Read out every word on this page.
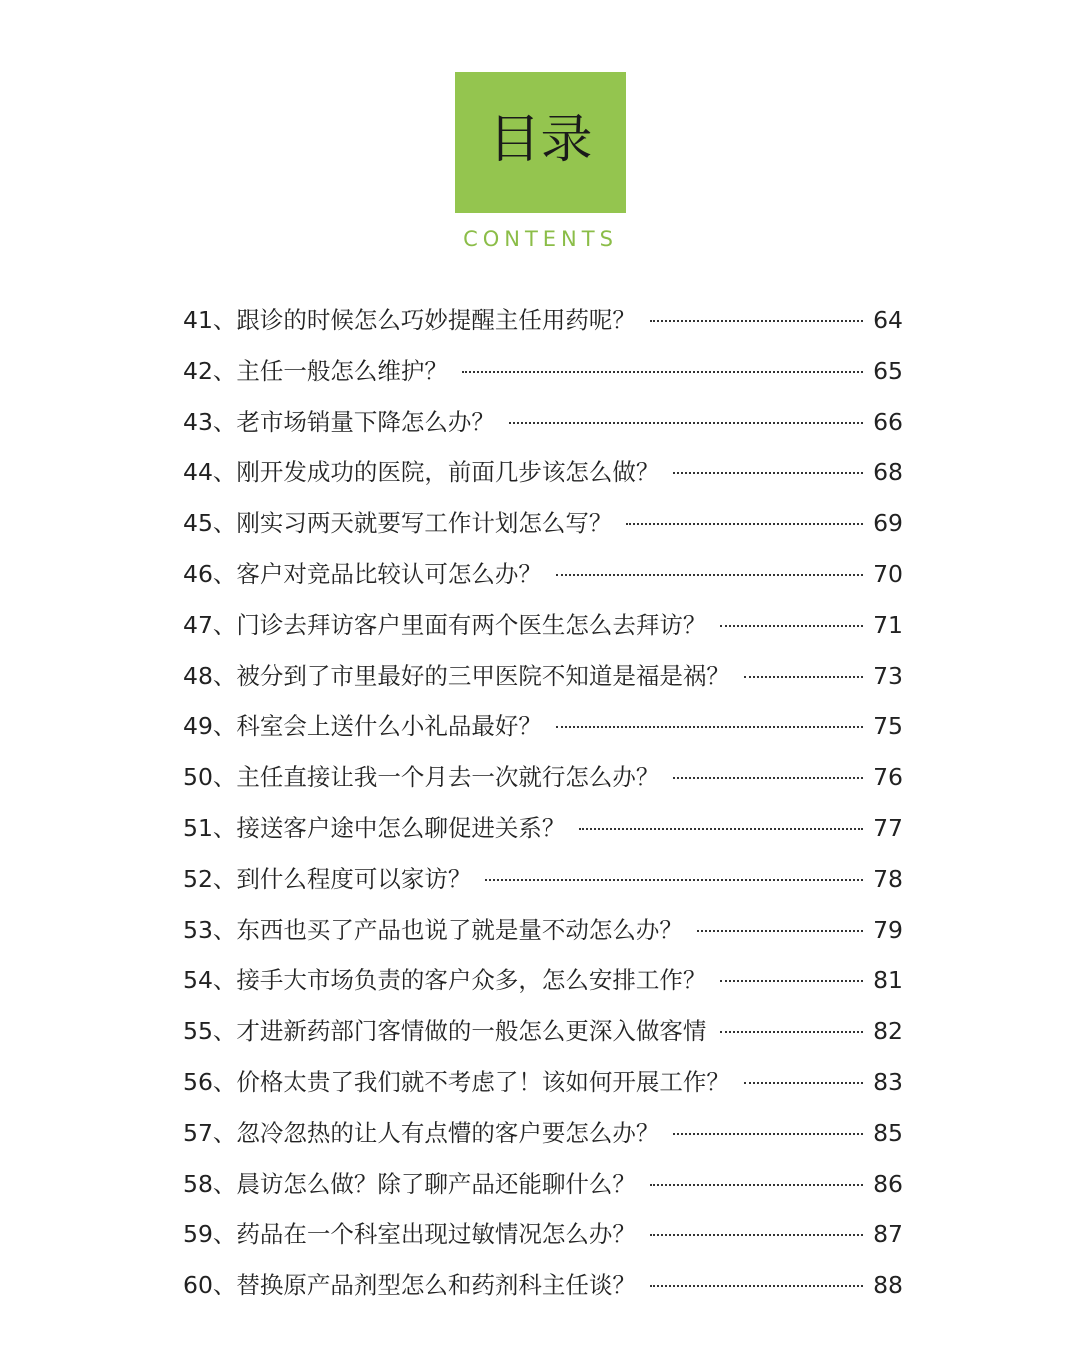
目录
CONTENTS
41、跟诊的时候怎么巧妙提醒主任用药呢？	64
42、主任一般怎么维护？	65
43、老市场销量下降怎么办？	66
44、刚开发成功的医院，前面几步该怎么做？	68
45、刚实习两天就要写工作计划怎么写？	69
46、客户对竞品比较认可怎么办？	70
47、门诊去拜访客户里面有两个医生怎么去拜访？	71
48、被分到了市里最好的三甲医院不知道是福是祸？	73
49、科室会上送什么小礼品最好？	75
50、主任直接让我一个月去一次就行怎么办？	76
51、接送客户途中怎么聊促进关系？	77
52、到什么程度可以家访？	78
53、东西也买了产品也说了就是量不动怎么办？	79
54、接手大市场负责的客户众多，怎么安排工作？	81
55、才进新药部门客情做的一般怎么更深入做客情	82
56、价格太贵了我们就不考虑了！该如何开展工作？	83
57、忽冷忽热的让人有点懵的客户要怎么办？	85
58、晨访怎么做？除了聊产品还能聊什么？	86
59、药品在一个科室出现过敏情况怎么办？	87
60、替换原产品剂型怎么和药剂科主任谈？	88
